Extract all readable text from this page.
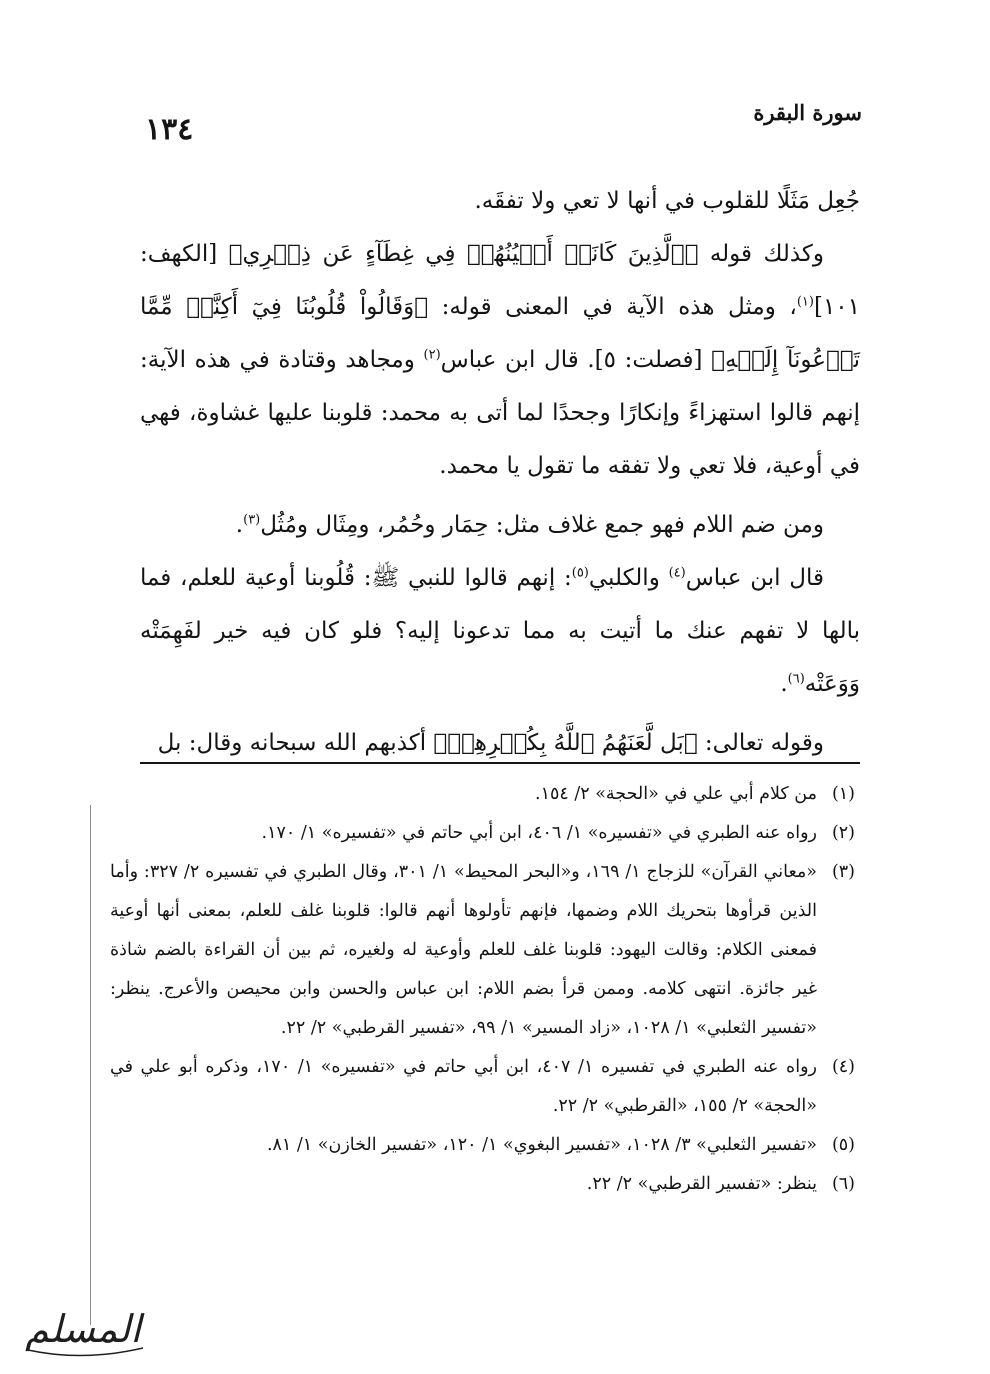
١٣٤	سورة البقرة

جُعِل مَثَلًا للقلوب في أنها لا تعي ولا تفقَه.

وكذلك قوله ﴿ٱلَّذِينَ كَانَتۡ أَعۡيُنُهُمۡ فِي غِطَآءٍ عَن ذِكۡرِي﴾ [الكهف: ١٠١]$^{(١)}$، ومثل هذه الآية في المعنى قوله: ﴿وَقَالُواْ قُلُوبُنَا فِيٓ أَكِنَّةٖ مِّمَّا تَدۡعُونَآ إِلَيۡهِ﴾ [فصلت: ٥]. قال ابن عباس$^{(٢)}$ ومجاهد وقتادة في هذه الآية: إنهم قالوا استهزاءً وإنكارًا وجحدًا لما أتى به محمد: قلوبنا عليها غشاوة، فهي في أوعية، فلا تعي ولا تفقه ما تقول يا محمد.

ومن ضم اللام فهو جمع غلاف مثل: حِمَار وحُمُر، ومِثَال ومُثُل$^{(٣)}$.

قال ابن عباس$^{(٤)}$ والكلبي$^{(٥)}$: إنهم قالوا للنبي ﷺ: قُلُوبنا أوعية للعلم، فما بالها لا تفهم عنك ما أتيت به مما تدعونا إليه؟ فلو كان فيه خير لفَهِمَتْه وَوَعَتْه$^{(٦)}$.

وقوله تعالى: ﴿بَل لَّعَنَهُمُ ٱللَّهُ بِكُفۡرِهِمۡ﴾ أكذبهم الله سبحانه وقال: بل

(١)
من كلام أبي علي في «الحجة» ٢/ ١٥٤.
(٢)
رواه عنه الطبري في «تفسيره» ١/ ٤٠٦، ابن أبي حاتم في «تفسيره» ١/ ١٧٠.
(٣)
«معاني القرآن» للزجاج ١/ ١٦٩، و«البحر المحيط» ١/ ٣٠١، وقال الطبري في تفسيره ٢/ ٣٢٧: وأما الذين قرأوها بتحريك اللام وضمها، فإنهم تأولوها أنهم قالوا: قلوبنا غلف للعلم، بمعنى أنها أوعية فمعنى الكلام: وقالت اليهود: قلوبنا غلف للعلم وأوعية له ولغيره، ثم بين أن القراءة بالضم شاذة غير جائزة. انتهى كلامه. وممن قرأ بضم اللام: ابن عباس والحسن وابن محيصن والأعرج. ينظر: «تفسير الثعلبي» ١/ ١٠٢٨، «زاد المسير» ١/ ٩٩، «تفسير القرطبي» ٢/ ٢٢.
(٤)
رواه عنه الطبري في تفسيره ١/ ٤٠٧، ابن أبي حاتم في «تفسيره» ١/ ١٧٠، وذكره أبو علي في «الحجة» ٢/ ١٥٥، «القرطبي» ٢/ ٢٢.
(٥)
«تفسير الثعلبي» ٣/ ١٠٢٨، «تفسير البغوي» ١/ ١٢٠، «تفسير الخازن» ١/ ٨١.
(٦)
ينظر: «تفسير القرطبي» ٢/ ٢٢.
المسلم
